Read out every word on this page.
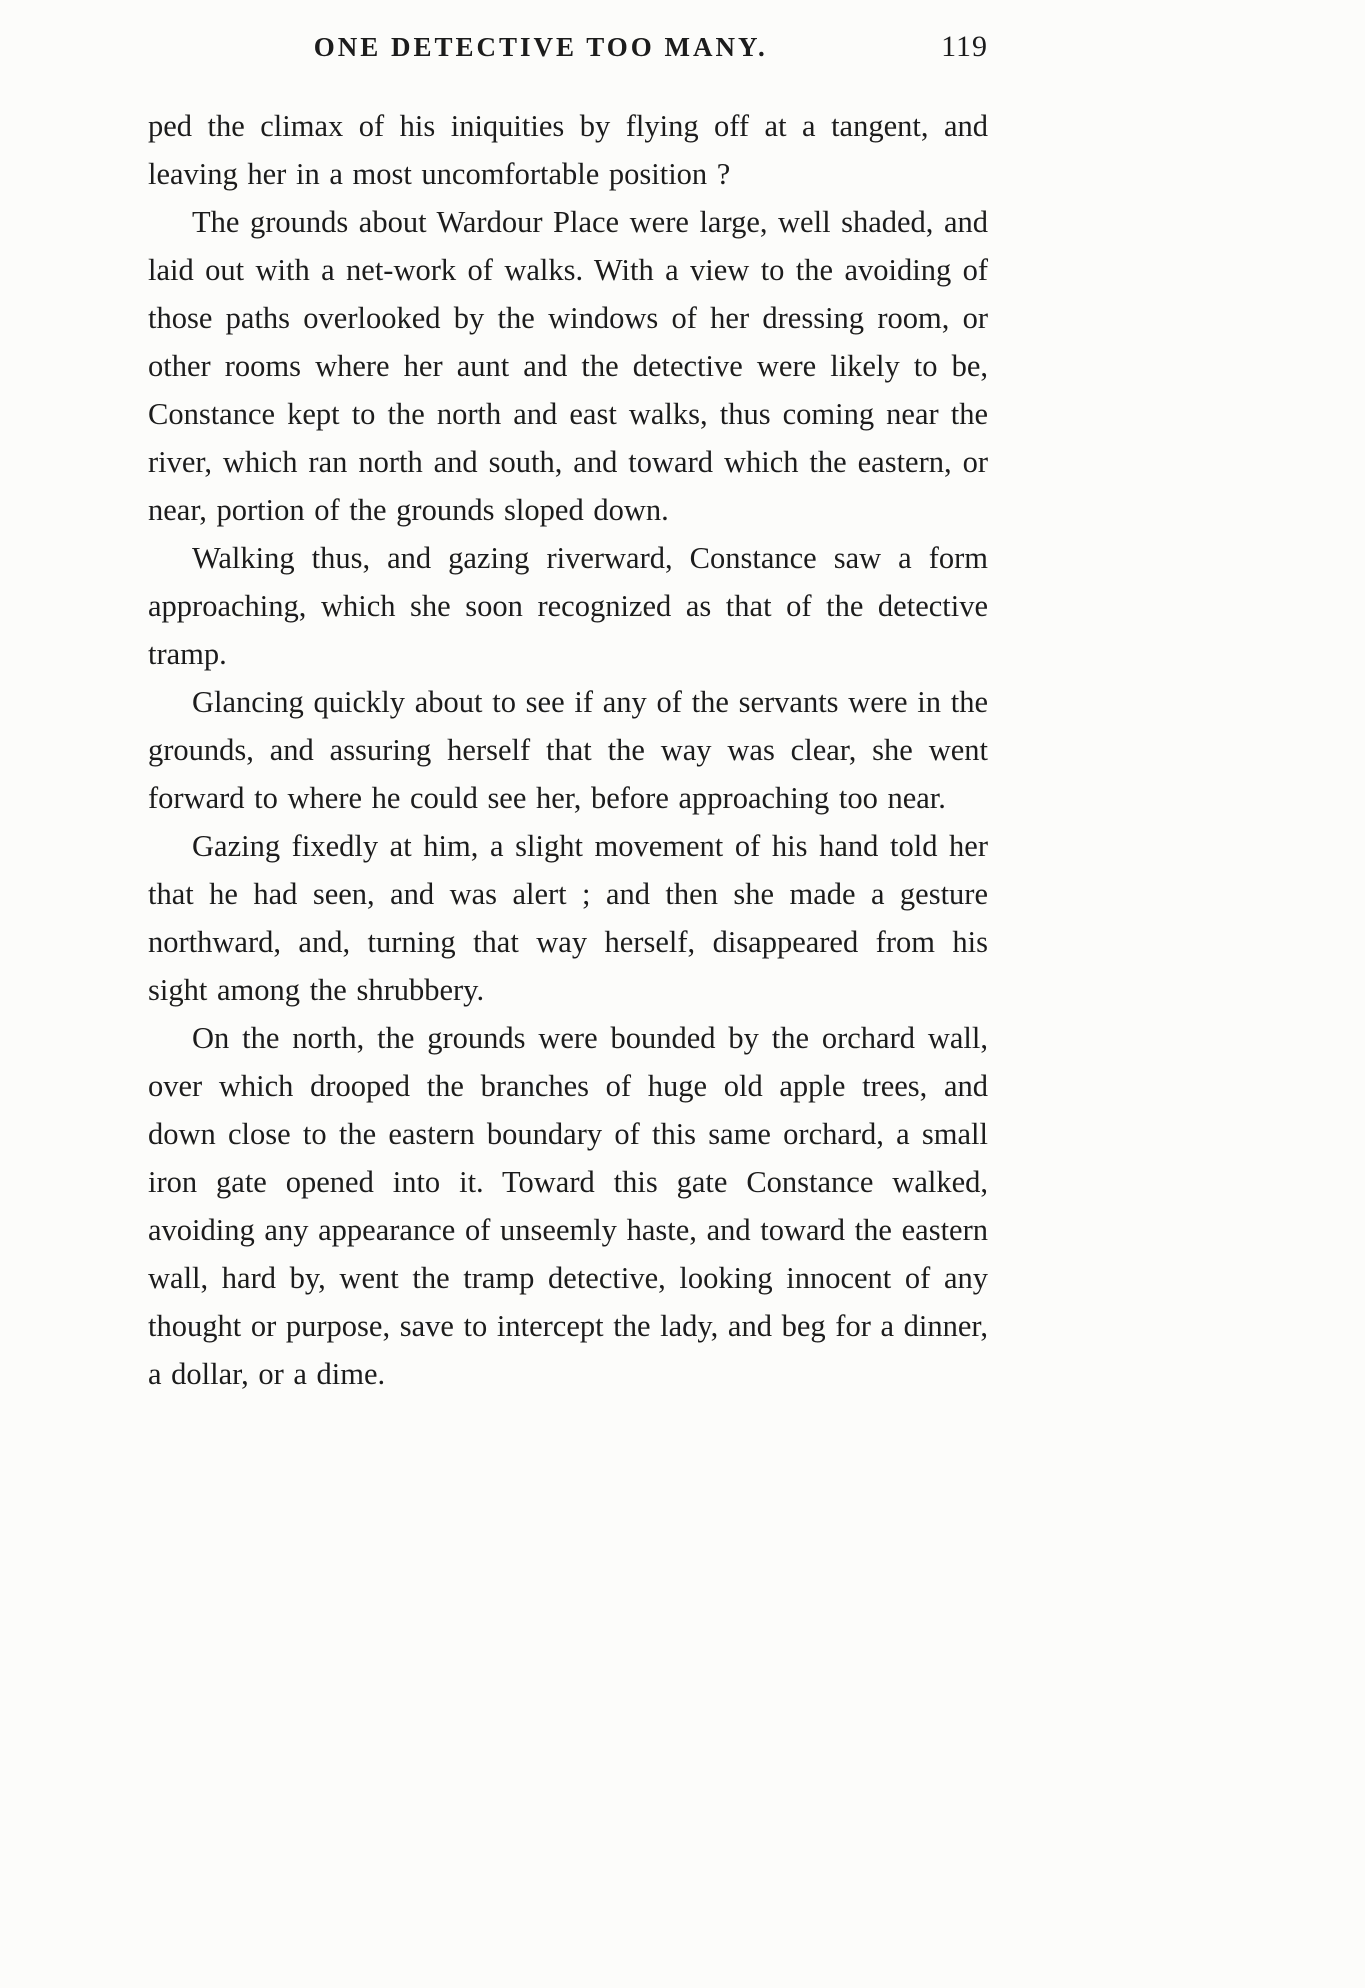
ONE DETECTIVE TOO MANY.	119

ped the climax of his iniquities by flying off at a tangent, and leaving her in a most uncomfortable position ?

The grounds about Wardour Place were large, well shaded, and laid out with a net-work of walks. With a view to the avoiding of those paths overlooked by the windows of her dressing room, or other rooms where her aunt and the detective were likely to be, Constance kept to the north and east walks, thus coming near the river, which ran north and south, and toward which the eastern, or near, portion of the grounds sloped down.

Walking thus, and gazing riverward, Constance saw a form approaching, which she soon recognized as that of the detective tramp.

Glancing quickly about to see if any of the servants were in the grounds, and assuring herself that the way was clear, she went forward to where he could see her, before approaching too near.

Gazing fixedly at him, a slight movement of his hand told her that he had seen, and was alert ; and then she made a gesture northward, and, turning that way herself, disappeared from his sight among the shrubbery.

On the north, the grounds were bounded by the orchard wall, over which drooped the branches of huge old apple trees, and down close to the eastern boundary of this same orchard, a small iron gate opened into it. Toward this gate Constance walked, avoiding any appearance of unseemly haste, and toward the eastern wall, hard by, went the tramp detective, looking innocent of any thought or purpose, save to intercept the lady, and beg for a dinner, a dollar, or a dime.
